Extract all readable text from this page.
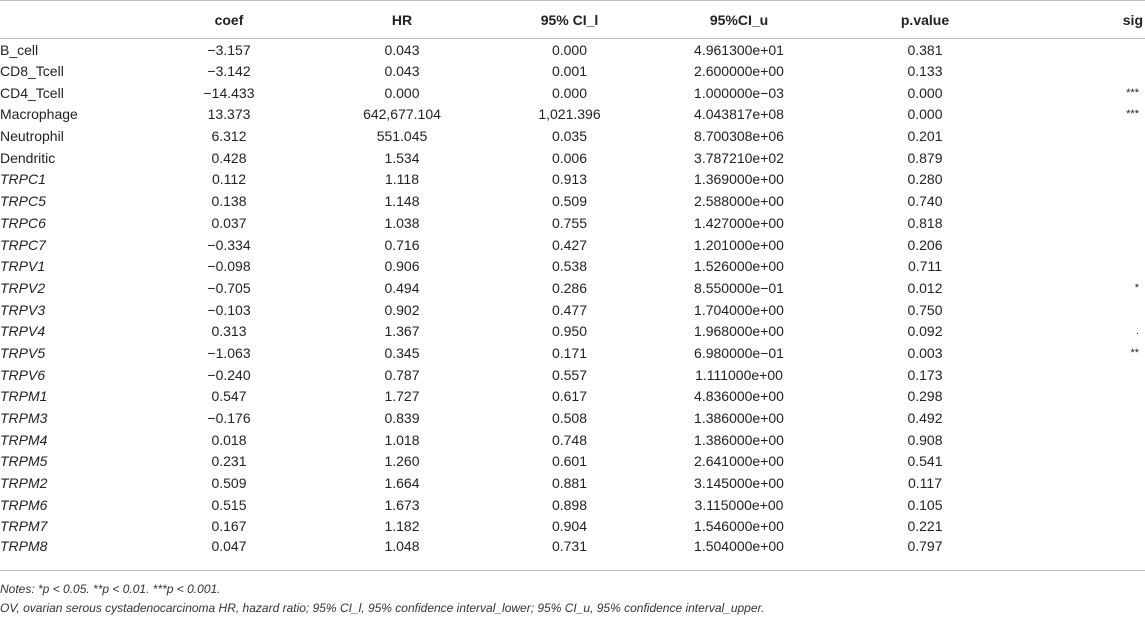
	coef	HR	95% CI_l	95%CI_u	p.value	sig
B_cell	−3.157	0.043	0.000	4.961300e+01	0.381	
CD8_Tcell	−3.142	0.043	0.001	2.600000e+00	0.133	
CD4_Tcell	−14.433	0.000	0.000	1.000000e−03	0.000	***
Macrophage	13.373	642,677.104	1,021.396	4.043817e+08	0.000	***
Neutrophil	6.312	551.045	0.035	8.700308e+06	0.201	
Dendritic	0.428	1.534	0.006	3.787210e+02	0.879	
TRPC1	0.112	1.118	0.913	1.369000e+00	0.280	
TRPC5	0.138	1.148	0.509	2.588000e+00	0.740	
TRPC6	0.037	1.038	0.755	1.427000e+00	0.818	
TRPC7	−0.334	0.716	0.427	1.201000e+00	0.206	
TRPV1	−0.098	0.906	0.538	1.526000e+00	0.711	
TRPV2	−0.705	0.494	0.286	8.550000e−01	0.012	*
TRPV3	−0.103	0.902	0.477	1.704000e+00	0.750	
TRPV4	0.313	1.367	0.950	1.968000e+00	0.092	.
TRPV5	−1.063	0.345	0.171	6.980000e−01	0.003	**
TRPV6	−0.240	0.787	0.557	1.111000e+00	0.173	
TRPM1	0.547	1.727	0.617	4.836000e+00	0.298	
TRPM3	−0.176	0.839	0.508	1.386000e+00	0.492	
TRPM4	0.018	1.018	0.748	1.386000e+00	0.908	
TRPM5	0.231	1.260	0.601	2.641000e+00	0.541	
TRPM2	0.509	1.664	0.881	3.145000e+00	0.117	
TRPM6	0.515	1.673	0.898	3.115000e+00	0.105	
TRPM7	0.167	1.182	0.904	1.546000e+00	0.221	
TRPM8	0.047	1.048	0.731	1.504000e+00	0.797	
Notes: *p < 0.05. **p < 0.01. ***p < 0.001.
OV, ovarian serous cystadenocarcinoma HR, hazard ratio; 95% CI_l, 95% confidence interval_lower; 95% CI_u, 95% confidence interval_upper.
